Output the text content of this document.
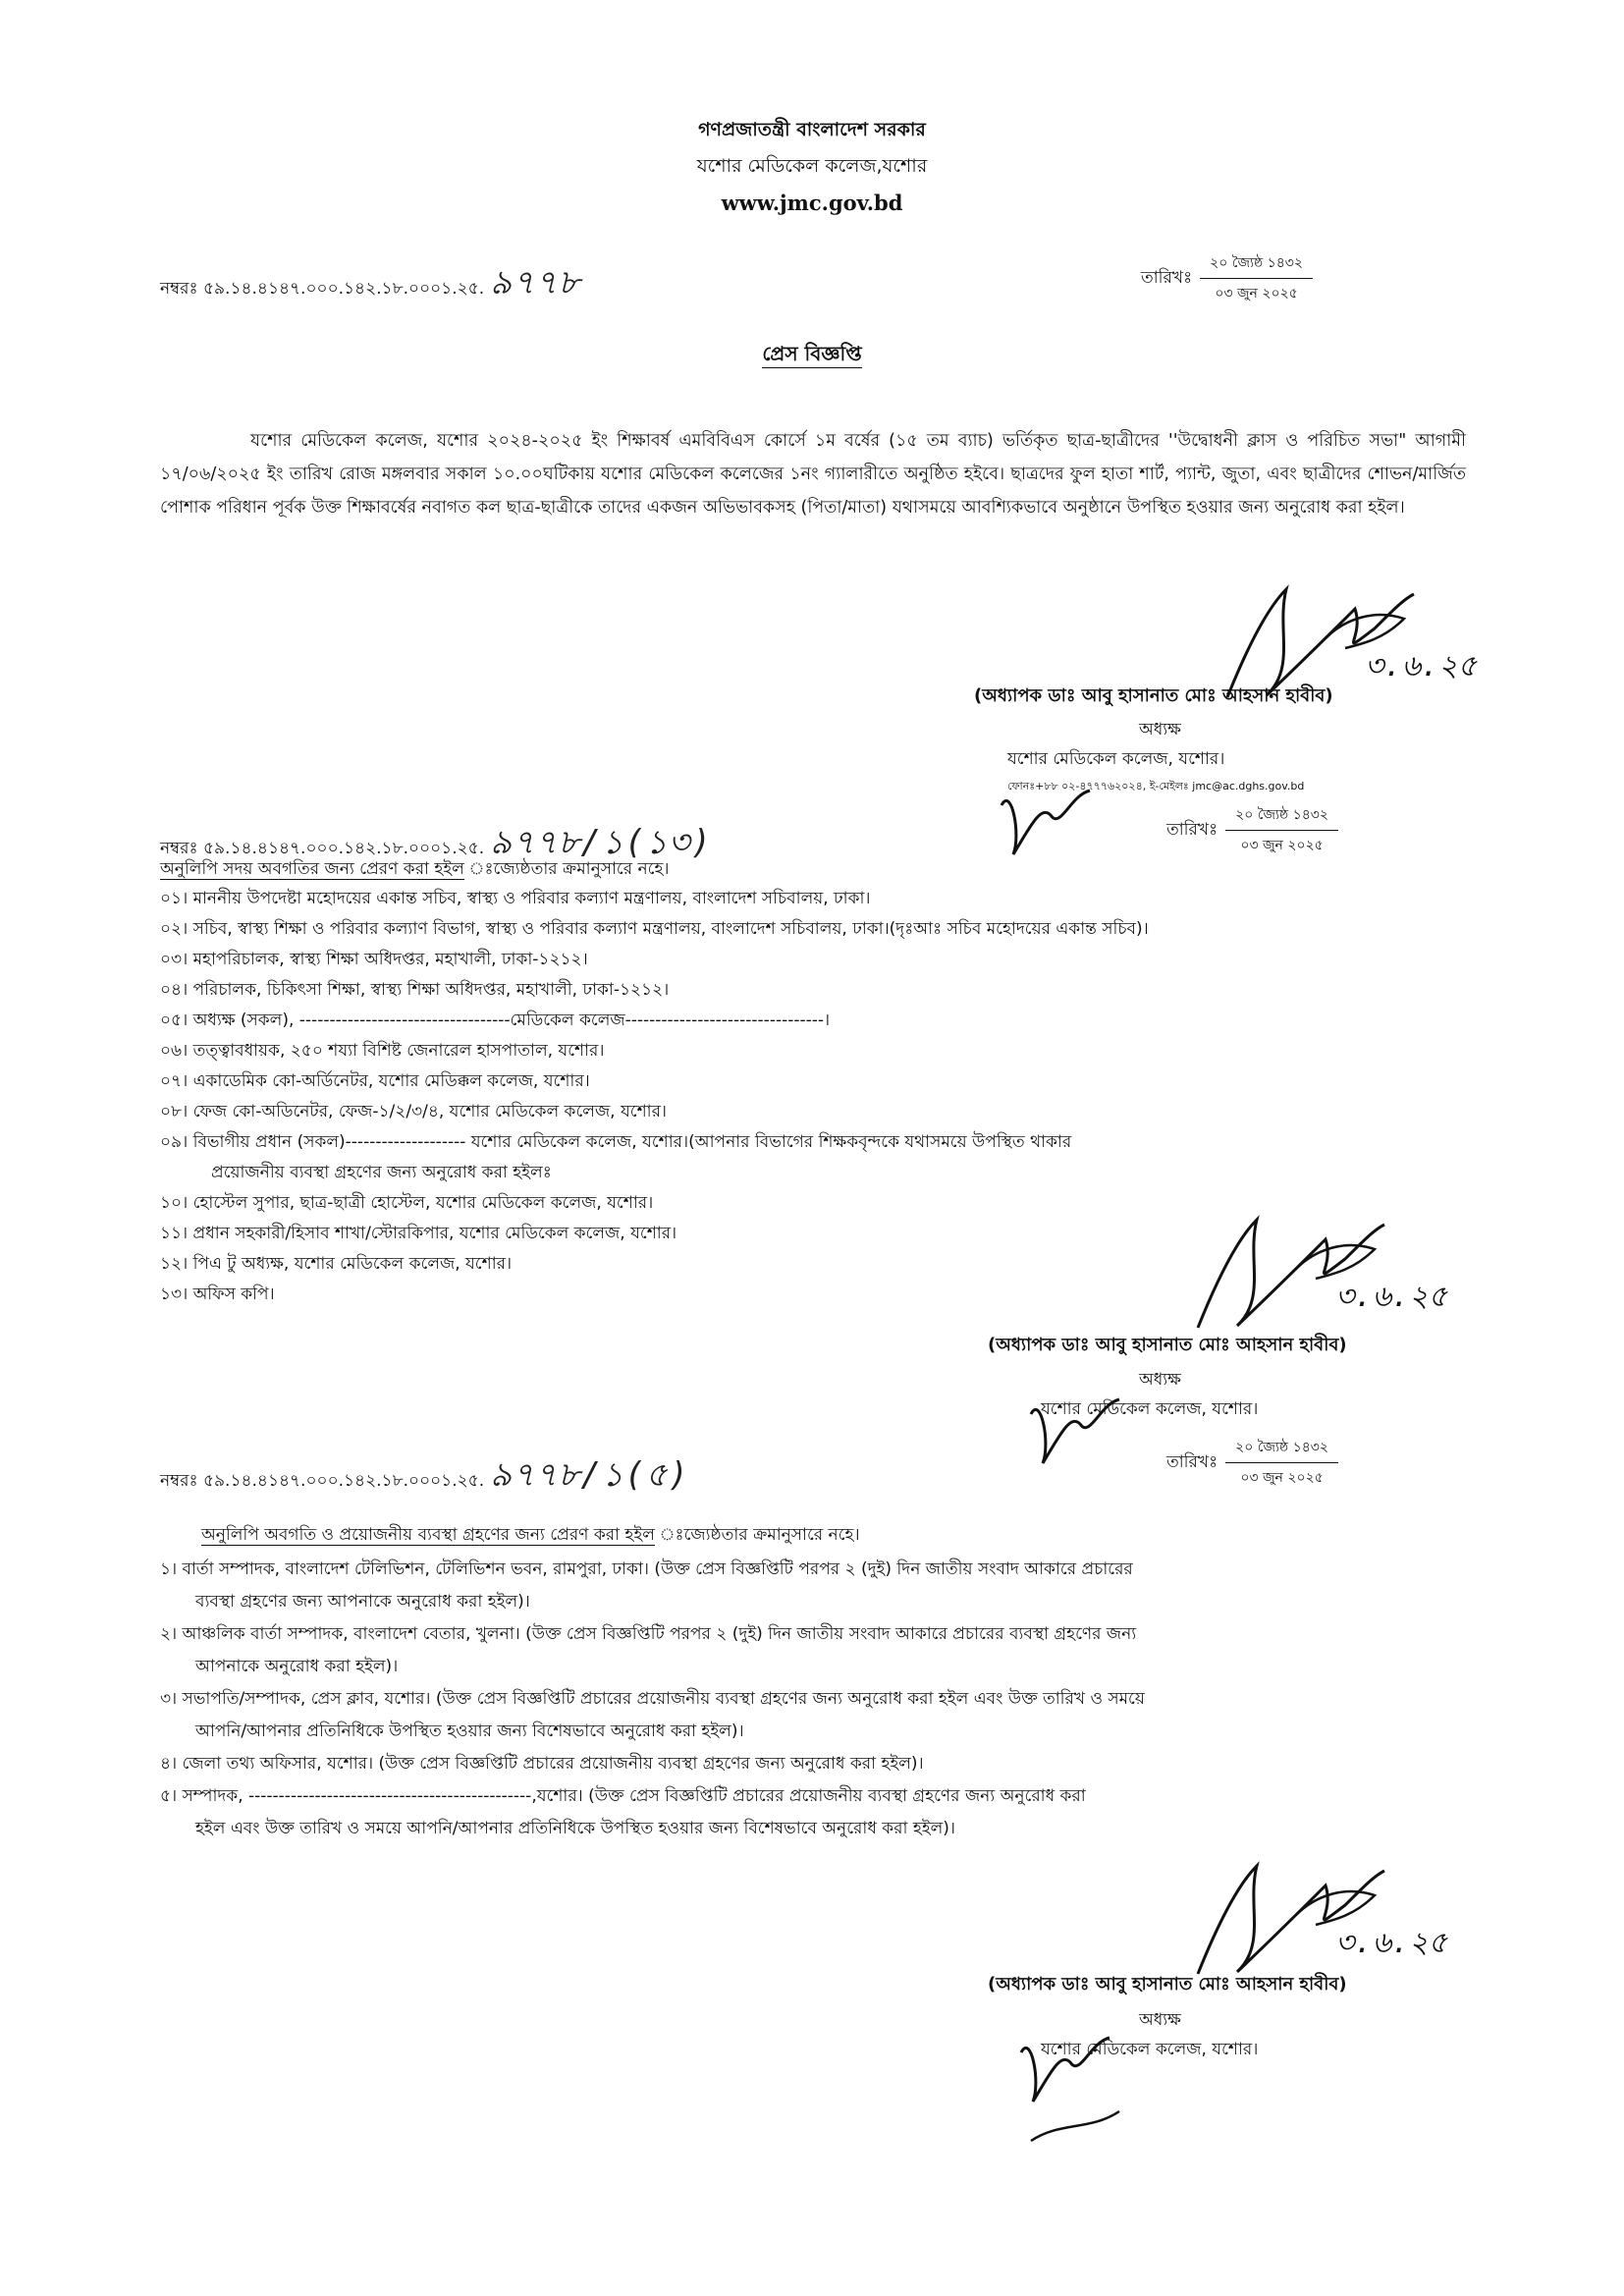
গণপ্রজাতন্ত্রী বাংলাদেশ সরকার
যশোর মেডিকেল কলেজ,যশোর
www.jmc.gov.bd
নম্বরঃ ৫৯.১৪.৪১৪৭.০০০.১৪২.১৮.০০০১.২৫. ৯৭৭৮	তারিখঃ $\frac{\text{২০ জ্যৈষ্ঠ ১৪৩২}}{\text{০৩ জুন ২০২৫}}$
প্রেস বিজ্ঞপ্তি
যশোর মেডিকেল কলেজ, যশোর ২০২৪-২০২৫ ইং শিক্ষাবর্ষ এমবিবিএস কোর্সে ১ম বর্ষের (১৫ তম ব্যাচ) ভর্তিকৃত ছাত্র-ছাত্রীদের ''উদ্বোধনী ক্লাস ও পরিচিত সভা" আগামী ১৭/০৬/২০২৫ ইং তারিখ রোজ মঙ্গলবার সকাল ১০.০০ঘটিকায় যশোর মেডিকেল কলেজের ১নং গ্যালারীতে অনুষ্ঠিত হইবে। ছাত্রদের ফুল হাতা শার্ট, প্যান্ট, জুতা, এবং ছাত্রীদের শোভন/মার্জিত পোশাক পরিধান পূর্বক উক্ত শিক্ষাবর্ষের নবাগত কল ছাত্র-ছাত্রীকে তাদের একজন অভিভাবকসহ (পিতা/মাতা) যথাসময়ে আবশ্যিকভাবে অনুষ্ঠানে উপস্থিত হওয়ার জন্য অনুরোধ করা হইল।
৩.৬.২৫
(অধ্যাপক ডাঃ আবু হাসানাত মোঃ আহসান হাবীব)
অধ্যক্ষ
যশোর মেডিকেল কলেজ, যশোর।
ফোনঃ+৮৮ ০২-৪৭৭৭৬২০২৪, ই-মেইলঃ jmc@ac.dghs.gov.bd
নম্বরঃ ৫৯.১৪.৪১৪৭.০০০.১৪২.১৮.০০০১.২৫. ৯৭৭৮/১(১৩)	তারিখঃ $\frac{\text{২০ জ্যৈষ্ঠ ১৪৩২}}{\text{০৩ জুন ২০২৫}}$
অনুলিপি সদয় অবগতির জন্য প্রেরণ করা হইল ঃজ্যেষ্ঠতার ক্রমানুসারে নহে।
০১। মাননীয় উপদেষ্টা মহোদয়ের একান্ত সচিব, স্বাস্থ্য ও পরিবার কল্যাণ মন্ত্রণালয়, বাংলাদেশ সচিবালয়, ঢাকা।
০২। সচিব, স্বাস্থ্য শিক্ষা ও পরিবার কল্যাণ বিভাগ, স্বাস্থ্য ও পরিবার কল্যাণ মন্ত্রণালয়, বাংলাদেশ সচিবালয়, ঢাকা।(দৃঃআঃ সচিব মহোদয়ের একান্ত সচিব)।
০৩। মহাপরিচালক, স্বাস্থ্য শিক্ষা অধিদপ্তর, মহাখালী, ঢাকা-১২১২।
০৪। পরিচালক, চিকিৎসা শিক্ষা, স্বাস্থ্য শিক্ষা অধিদপ্তর, মহাখালী, ঢাকা-১২১২।
০৫। অধ্যক্ষ (সকল), -----------------------------------মেডিকেল কলেজ---------------------------------।
০৬। তত্ত্বাবধায়ক, ২৫০ শয্যা বিশিষ্ট জেনারেল হাসপাতাল, যশোর।
০৭। একাডেমিক কো-অর্ডিনেটর, যশোর মেডিক্কল কলেজ, যশোর।
০৮। ফেজ কো-অডিনেটর, ফেজ-১/২/৩/৪, যশোর মেডিকেল কলেজ, যশোর।
০৯। বিভাগীয় প্রধান (সকল)-------------------- যশোর মেডিকেল কলেজ, যশোর।(আপনার বিভাগের শিক্ষকবৃন্দকে যথাসময়ে উপস্থিত থাকার
প্রয়োজনীয় ব্যবস্থা গ্রহণের জন্য অনুরোধ করা হইলঃ
১০। হোস্টেল সুপার, ছাত্র-ছাত্রী হোস্টেল, যশোর মেডিকেল কলেজ, যশোর।
১১। প্রধান সহকারী/হিসাব শাখা/স্টোরকিপার, যশোর মেডিকেল কলেজ, যশোর।
১২। পিএ টু অধ্যক্ষ, যশোর মেডিকেল কলেজ, যশোর।
১৩। অফিস কপি।	৩.৬.২৫
(অধ্যাপক ডাঃ আবু হাসানাত মোঃ আহসান হাবীব)
অধ্যক্ষ
যশোর মেডিকেল কলেজ, যশোর।
নম্বরঃ ৫৯.১৪.৪১৪৭.০০০.১৪২.১৮.০০০১.২৫. ৯৭৭৮/১(৫)	তারিখঃ $\frac{\text{২০ জ্যৈষ্ঠ ১৪৩২}}{\text{০৩ জুন ২০২৫}}$
অনুলিপি অবগতি ও প্রয়োজনীয় ব্যবস্থা গ্রহণের জন্য প্রেরণ করা হইল ঃজ্যেষ্ঠতার ক্রমানুসারে নহে।
১। বার্তা সম্পাদক, বাংলাদেশ টেলিভিশন, টেলিভিশন ভবন, রামপুরা, ঢাকা। (উক্ত প্রেস বিজ্ঞপ্তিটি পরপর ২ (দুই) দিন জাতীয় সংবাদ আকারে প্রচারের
ব্যবস্থা গ্রহণের জন্য আপনাকে অনুরোধ করা হইল)।
২। আঞ্চলিক বার্তা সম্পাদক, বাংলাদেশ বেতার, খুলনা। (উক্ত প্রেস বিজ্ঞপ্তিটি পরপর ২ (দুই) দিন জাতীয় সংবাদ আকারে প্রচারের ব্যবস্থা গ্রহণের জন্য
আপনাকে অনুরোধ করা হইল)।
৩। সভাপতি/সম্পাদক, প্রেস ক্লাব, যশোর। (উক্ত প্রেস বিজ্ঞপ্তিটি প্রচারের প্রয়োজনীয় ব্যবস্থা গ্রহণের জন্য অনুরোধ করা হইল এবং উক্ত তারিখ ও সময়ে
আপনি/আপনার প্রতিনিধিকে উপস্থিত হওয়ার জন্য বিশেষভাবে অনুরোধ করা হইল)।
৪। জেলা তথ্য অফিসার, যশোর। (উক্ত প্রেস বিজ্ঞপ্তিটি প্রচারের প্রয়োজনীয় ব্যবস্থা গ্রহণের জন্য অনুরোধ করা হইল)।
৫। সম্পাদক, -----------------------------------------------,যশোর। (উক্ত প্রেস বিজ্ঞপ্তিটি প্রচারের প্রয়োজনীয় ব্যবস্থা গ্রহণের জন্য অনুরোধ করা
হইল এবং উক্ত তারিখ ও সময়ে আপনি/আপনার প্রতিনিধিকে উপস্থিত হওয়ার জন্য বিশেষভাবে অনুরোধ করা হইল)।
৩.৬.২৫
(অধ্যাপক ডাঃ আবু হাসানাত মোঃ আহসান হাবীব)
অধ্যক্ষ
যশোর মেডিকেল কলেজ, যশোর।
